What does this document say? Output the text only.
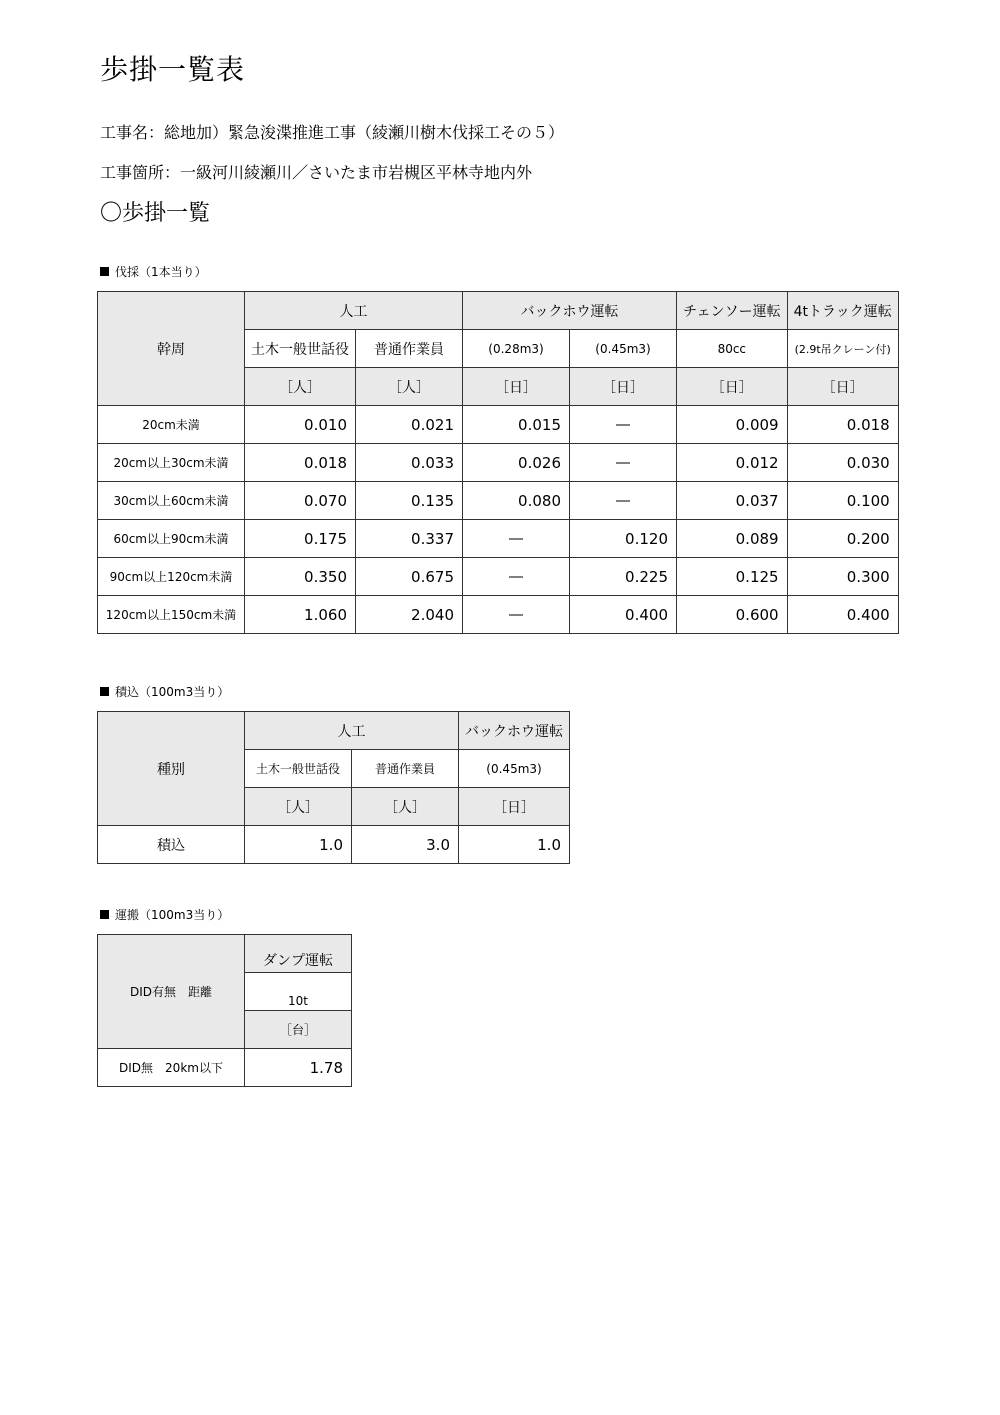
歩掛一覧表
工事名：総地加）緊急浚渫推進工事（綾瀬川樹木伐採工その５）
工事箇所：一級河川綾瀬川／さいたま市岩槻区平林寺地内外
〇歩掛一覧
伐採（1本当り）
幹周	人工		バックホウ運転		チェンソー運転	4tトラック運転
	土木一般世話役	普通作業員	(0.28m3)	(0.45m3)	80cc	(2.9t吊クレーン付)
	［人］	［人］	［日］	［日］	［日］	［日］
20cm未満	0.010	0.021	0.015	―	0.009	0.018
20cm以上30cm未満	0.018	0.033	0.026	―	0.012	0.030
30cm以上60cm未満	0.070	0.135	0.080	―	0.037	0.100
60cm以上90cm未満	0.175	0.337	―	0.120	0.089	0.200
90cm以上120cm未満	0.350	0.675	―	0.225	0.125	0.300
120cm以上150cm未満	1.060	2.040	―	0.400	0.600	0.400
積込（100m3当り）
種別	人工		バックホウ運転
	土木一般世話役	普通作業員	(0.45m3)
	［人］	［人］	［日］
積込	1.0	3.0	1.0
運搬（100m3当り）
DID有無　距離	ダンプ運転
	10t
	［台］
DID無　20km以下	1.78
